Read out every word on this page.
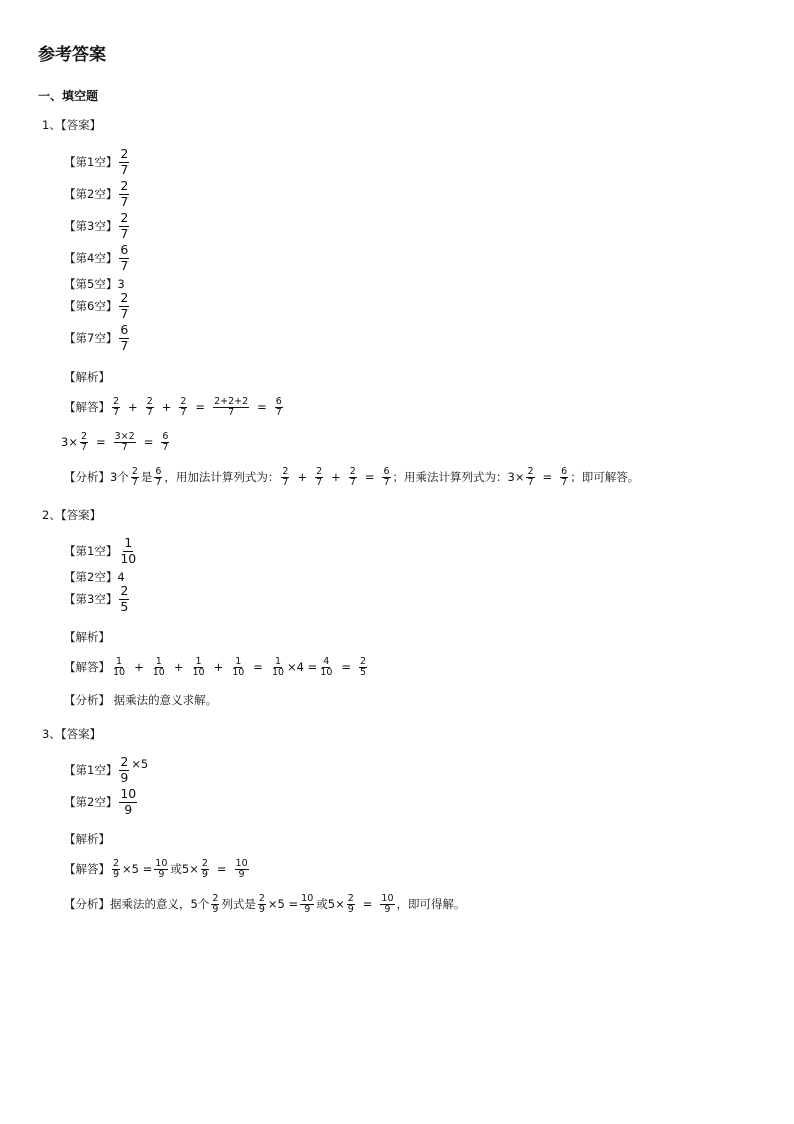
参考答案
一、填空题
1、【答案】
【第1空】 $\frac{2}{7}$
【第2空】 $\frac{2}{7}$
【第3空】 $\frac{2}{7}$
【第4空】 $\frac{6}{7}$
【第5空】 3
【第6空】 $\frac{2}{7}$
【第7空】 $\frac{6}{7}$
【解析】
【解答】 $\frac{2}{7} + \frac{2}{7} + \frac{2}{7} = \frac{2+2+2}{7} = \frac{6}{7}$
$3\times \frac{2}{7} = \frac{3\times 2}{7} = \frac{6}{7}$
【分析】 3个 $\frac{2}{7}$ 是 $\frac{6}{7}$ ，用加法计算列式为： $\frac{2}{7} + \frac{2}{7} + \frac{2}{7} = \frac{6}{7}$ ；用乘法计算列式为：$3\times \frac{2}{7} = \frac{6}{7}$ ；即可解答。
2、【答案】
【第1空】 $\frac{1}{10}$
【第2空】 4
【第3空】 $\frac{2}{5}$
【解析】
【解答】 $\frac{1}{10} + \frac{1}{10} + \frac{1}{10} + \frac{1}{10} = \frac{1}{10} \times 4 = \frac{4}{10} = \frac{2}{5}$
【分析】 据乘法的意义求解。
3、【答案】
【第1空】 $\frac{2}{9} \times 5$
【第2空】 $\frac{10}{9}$
【解析】
【解答】 $\frac{2}{9} \times 5 = \frac{10}{9}$ 或$5\times \frac{2}{9} = \frac{10}{9}$
【分析】 据乘法的意义，5个 $\frac{2}{9}$ 列式是 $\frac{2}{9} \times 5 = \frac{10}{9}$ 或$5\times \frac{2}{9} = \frac{10}{9}$ ，即可得解。
